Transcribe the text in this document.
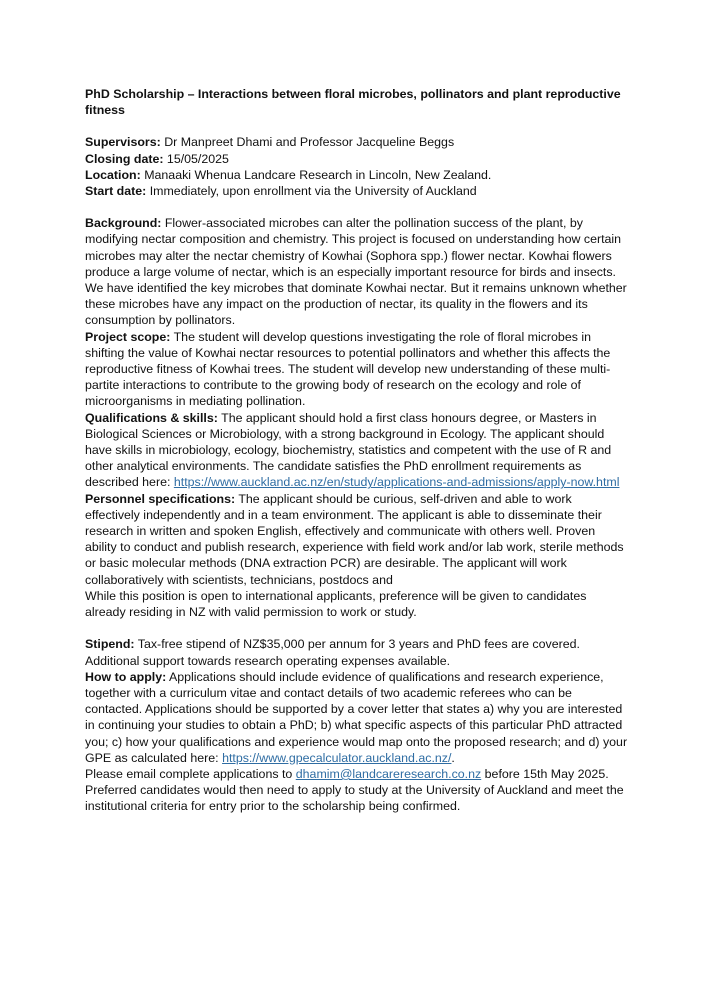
PhD Scholarship – Interactions between floral microbes, pollinators and plant reproductive fitness
Supervisors: Dr Manpreet Dhami and Professor Jacqueline Beggs
Closing date: 15/05/2025
Location: Manaaki Whenua Landcare Research in Lincoln, New Zealand.
Start date: Immediately, upon enrollment via the University of Auckland

Background: Flower-associated microbes can alter the pollination success of the plant, by modifying nectar composition and chemistry. This project is focused on understanding how certain microbes may alter the nectar chemistry of Kowhai (Sophora spp.) flower nectar. Kowhai flowers produce a large volume of nectar, which is an especially important resource for birds and insects. We have identified the key microbes that dominate Kowhai nectar. But it remains unknown whether these microbes have any impact on the production of nectar, its quality in the flowers and its consumption by pollinators.

Project scope: The student will develop questions investigating the role of floral microbes in shifting the value of Kowhai nectar resources to potential pollinators and whether this affects the reproductive fitness of Kowhai trees. The student will develop new understanding of these multi-partite interactions to contribute to the growing body of research on the ecology and role of microorganisms in mediating pollination.

Qualifications & skills: The applicant should hold a first class honours degree, or Masters in Biological Sciences or Microbiology, with a strong background in Ecology. The applicant should have skills in microbiology, ecology, biochemistry, statistics and competent with the use of R and other analytical environments. The candidate satisfies the PhD enrollment requirements as described here: https://www.auckland.ac.nz/en/study/applications-and-admissions/apply-now.html

Personnel specifications: The applicant should be curious, self-driven and able to work effectively independently and in a team environment. The applicant is able to disseminate their research in written and spoken English, effectively and communicate with others well. Proven ability to conduct and publish research, experience with field work and/or lab work, sterile methods or basic molecular methods (DNA extraction PCR) are desirable. The applicant will work collaboratively with scientists, technicians, postdocs and

While this position is open to international applicants, preference will be given to candidates already residing in NZ with valid permission to work or study.

Stipend: Tax-free stipend of NZ$35,000 per annum for 3 years and PhD fees are covered. Additional support towards research operating expenses available.

How to apply: Applications should include evidence of qualifications and research experience, together with a curriculum vitae and contact details of two academic referees who can be contacted. Applications should be supported by a cover letter that states a) why you are interested in continuing your studies to obtain a PhD; b) what specific aspects of this particular PhD attracted you; c) how your qualifications and experience would map onto the proposed research; and d) your GPE as calculated here: https://www.gpecalculator.auckland.ac.nz/.

Please email complete applications to dhamim@landcareresearch.co.nz before 15th May 2025. Preferred candidates would then need to apply to study at the University of Auckland and meet the institutional criteria for entry prior to the scholarship being confirmed.
